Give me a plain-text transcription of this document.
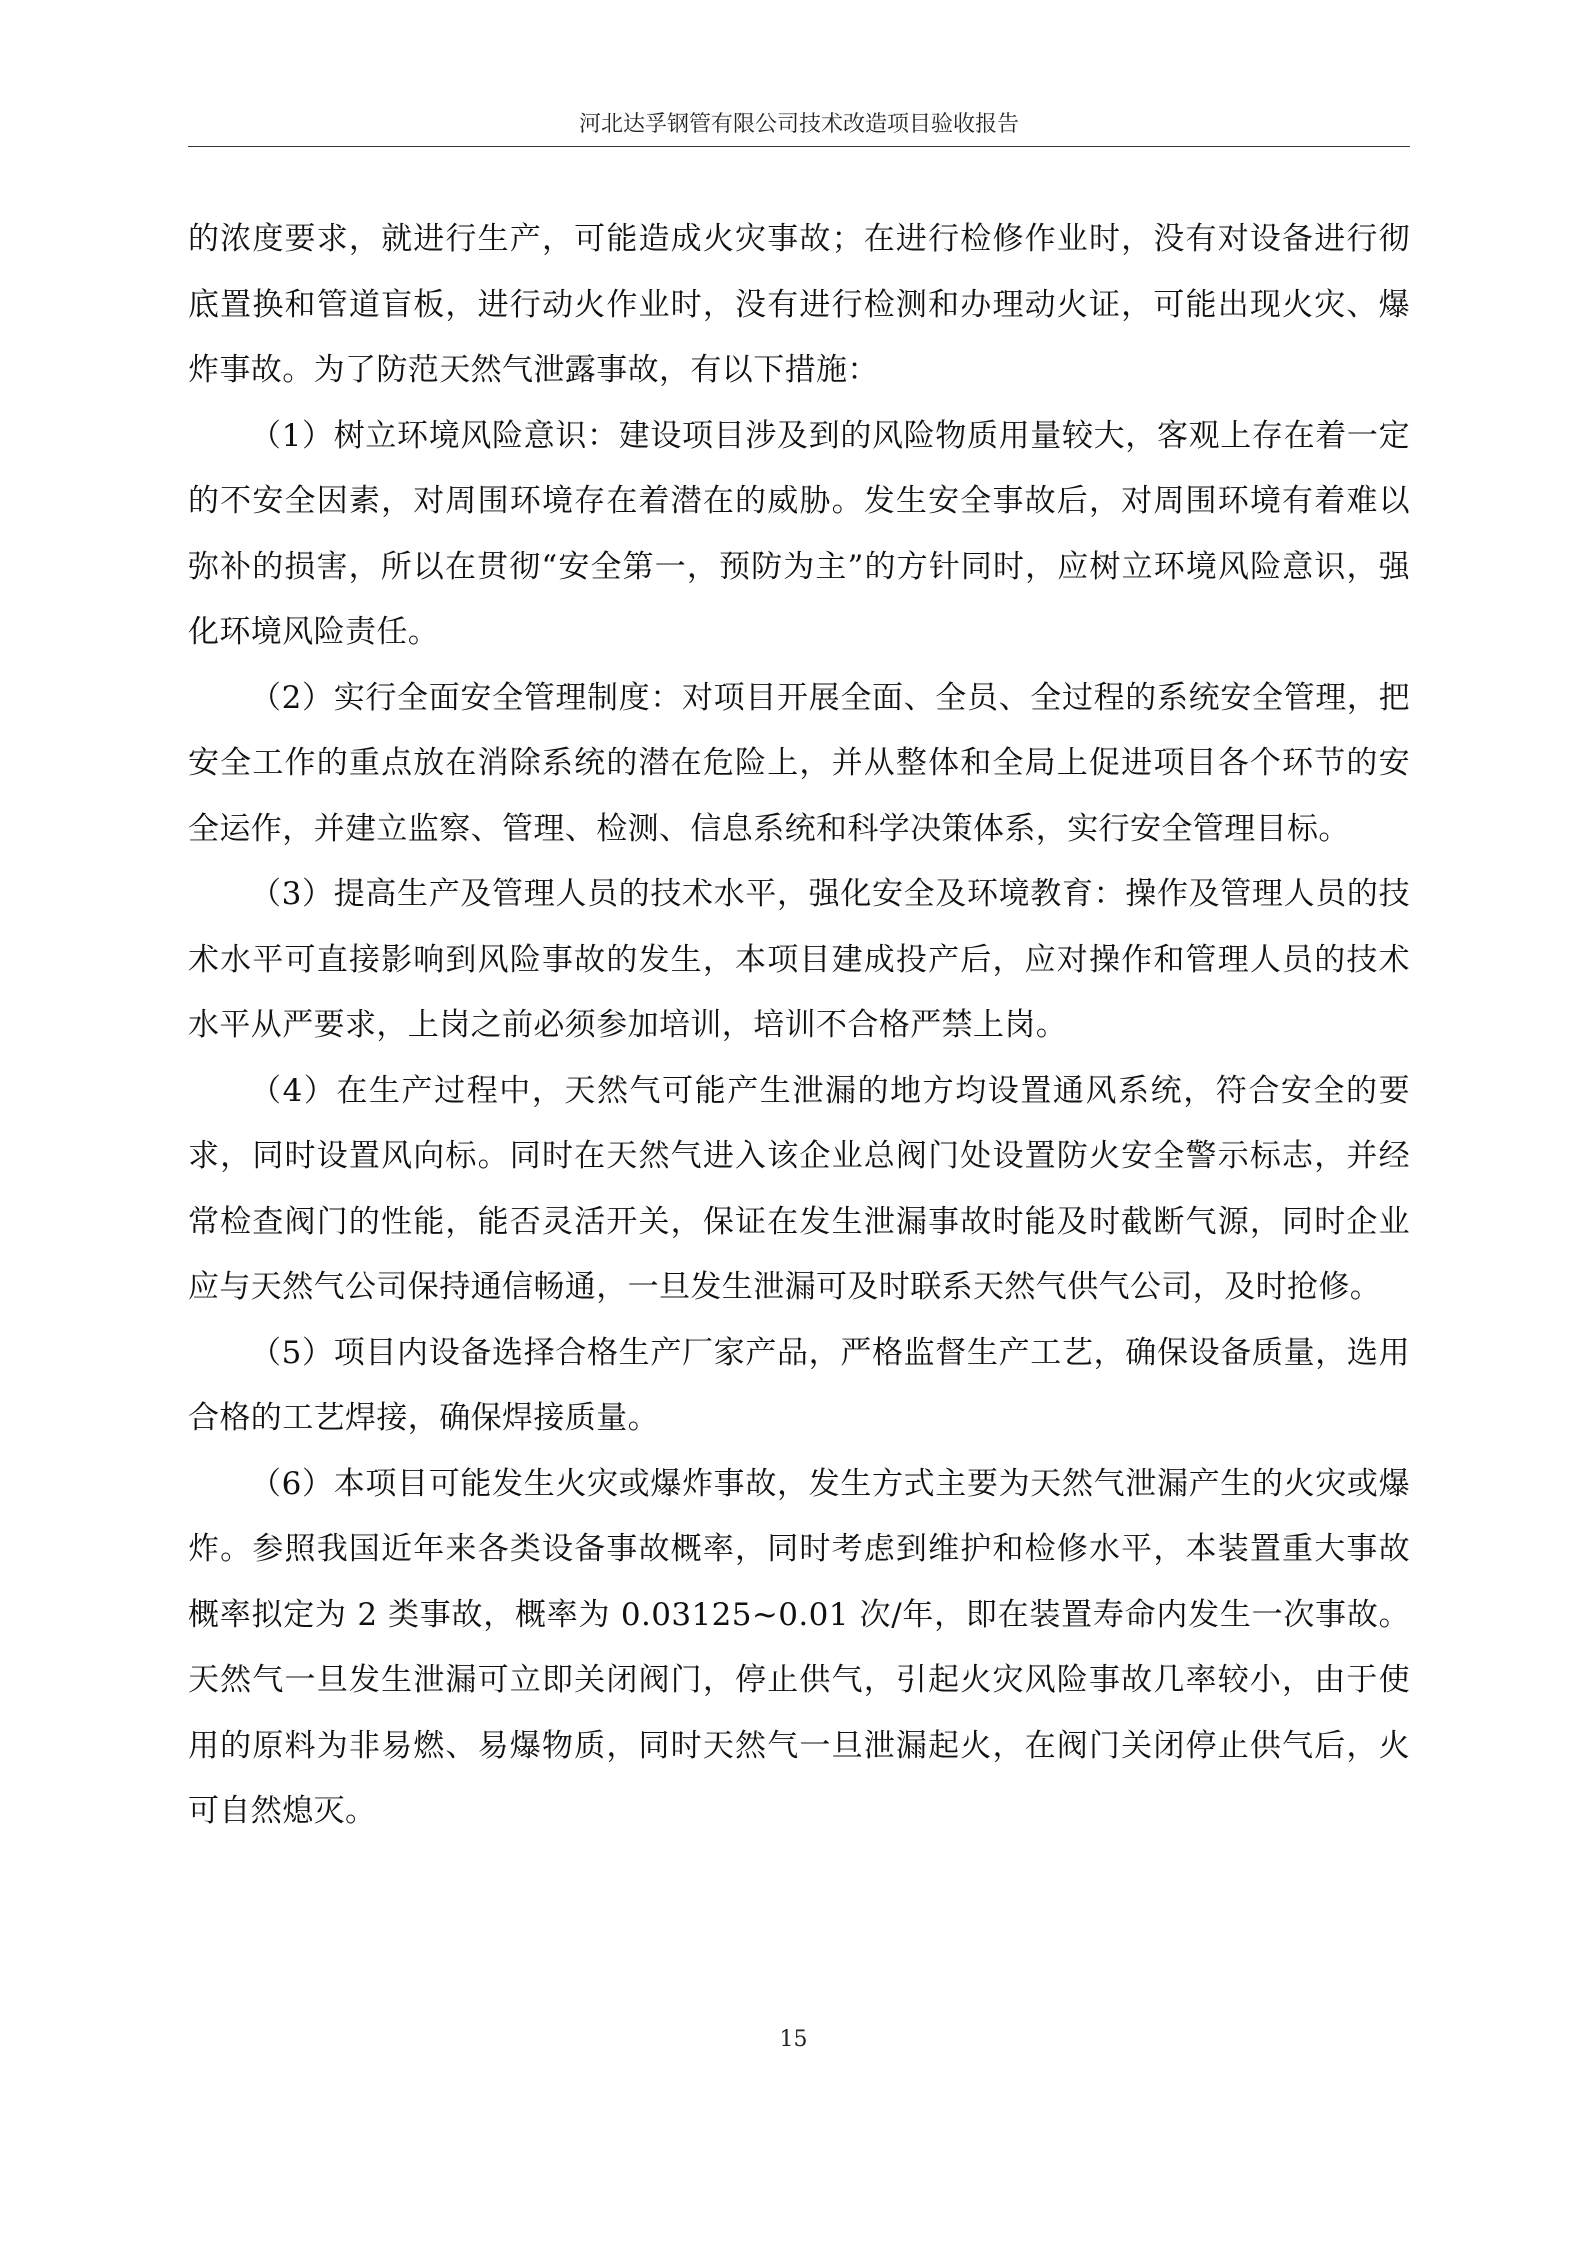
河北达孚钢管有限公司技术改造项目验收报告

的浓度要求，就进行生产，可能造成火灾事故；在进行检修作业时，没有对设备进行彻底置换和管道盲板，进行动火作业时，没有进行检测和办理动火证，可能出现火灾、爆炸事故。为了防范天然气泄露事故，有以下措施：

（1）树立环境风险意识：建设项目涉及到的风险物质用量较大，客观上存在着一定的不安全因素，对周围环境存在着潜在的威胁。发生安全事故后，对周围环境有着难以弥补的损害，所以在贯彻“安全第一，预防为主”的方针同时，应树立环境风险意识，强化环境风险责任。

（2）实行全面安全管理制度：对项目开展全面、全员、全过程的系统安全管理，把安全工作的重点放在消除系统的潜在危险上，并从整体和全局上促进项目各个环节的安全运作，并建立监察、管理、检测、信息系统和科学决策体系，实行安全管理目标。

（3）提高生产及管理人员的技术水平，强化安全及环境教育：操作及管理人员的技术水平可直接影响到风险事故的发生，本项目建成投产后，应对操作和管理人员的技术水平从严要求，上岗之前必须参加培训，培训不合格严禁上岗。

（4）在生产过程中，天然气可能产生泄漏的地方均设置通风系统，符合安全的要求，同时设置风向标。同时在天然气进入该企业总阀门处设置防火安全警示标志，并经常检查阀门的性能，能否灵活开关，保证在发生泄漏事故时能及时截断气源，同时企业应与天然气公司保持通信畅通，一旦发生泄漏可及时联系天然气供气公司，及时抢修。

（5）项目内设备选择合格生产厂家产品，严格监督生产工艺，确保设备质量，选用合格的工艺焊接，确保焊接质量。

（6）本项目可能发生火灾或爆炸事故，发生方式主要为天然气泄漏产生的火灾或爆炸。参照我国近年来各类设备事故概率，同时考虑到维护和检修水平，本装置重大事故概率拟定为 2 类事故，概率为 0.03125~0.01 次/年，即在装置寿命内发生一次事故。天然气一旦发生泄漏可立即关闭阀门，停止供气，引起火灾风险事故几率较小，由于使用的原料为非易燃、易爆物质，同时天然气一旦泄漏起火，在阀门关闭停止供气后，火可自然熄灭。

15
